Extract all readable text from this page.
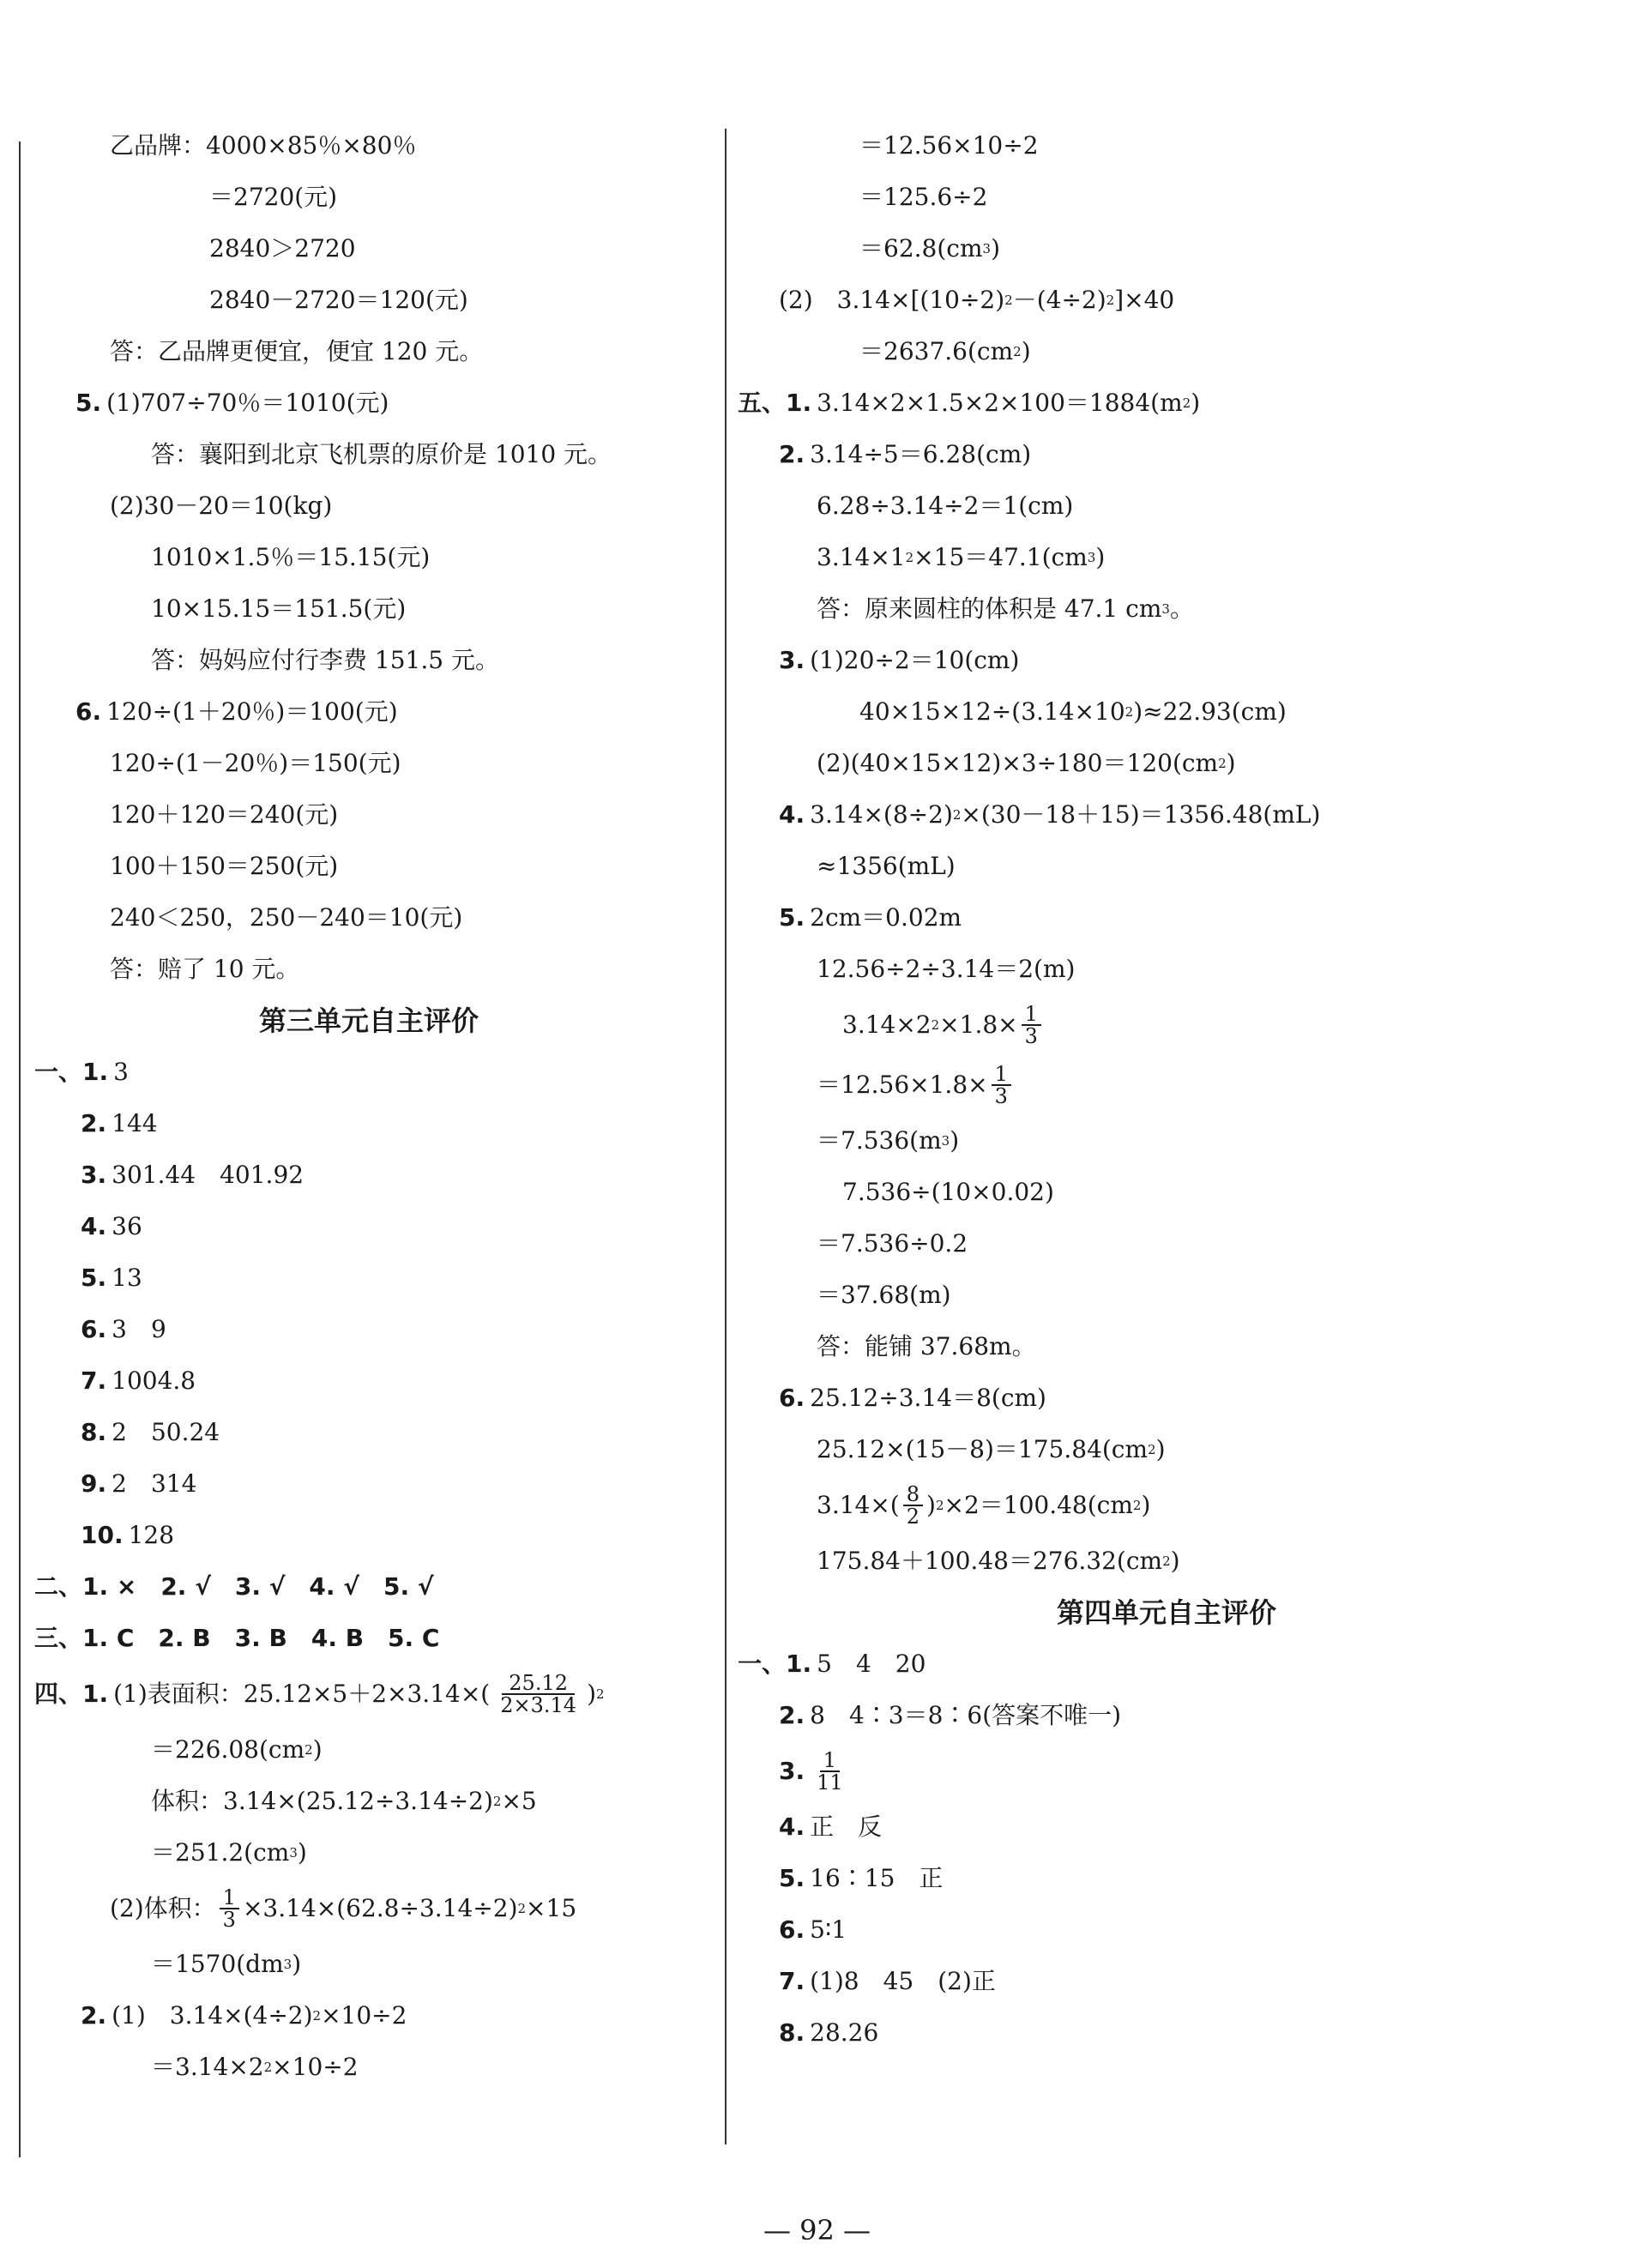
乙品牌：4000×85％×80％
＝2720(元)
2840＞2720
2840－2720＝120(元)
答：乙品牌更便宜，便宜 120 元。
5. (1)707÷70％＝1010(元)
答：襄阳到北京飞机票的原价是 1010 元。
(2)30－20＝10(kg)
1010×1.5％＝15.15(元)
10×15.15＝151.5(元)
答：妈妈应付行李费 151.5 元。
6. 120÷(1＋20％)＝100(元)
120÷(1－20％)＝150(元)
120＋120＝240(元)
100＋150＝250(元)
240＜250，250－240＝10(元)
答：赔了 10 元。
第三单元自主评价
一、1. 3
2. 144
3. 301.44　401.92
4. 36
5. 13
6. 3　9
7. 1004.8
8. 2　50.24
9. 2　314
10. 128
二、1. ×　2. √　3. √　4. √　5. √
三、1. C　2. B　3. B　4. B　5. C
四、1. (1)表面积：$25.12\times 5+2\times 3.14\times( \frac{25.12}{2\times 3.14}$ ) 2
＝226.08(cm 2 )
体积：3.14×(25.12÷3.14÷2) 2 ×5
＝251.2(cm 3 )
(2)体积： $\frac{1}{3} \times 3.14\times(62.8\div 3.14\div 2)$ 2 ×15
＝1570(dm 3 )
2. (1)　3.14×(4÷2) 2 ×10÷2
＝3.14×2 2 ×10÷2
＝12.56×10÷2
＝125.6÷2
＝62.8(cm 3 )
(2)　3.14×[(10÷2) 2 －(4÷2) 2 ]×40
＝2637.6(cm 2 )
五、1. 3.14×2×1.5×2×100＝1884(m 2 )
2. 3.14÷5＝6.28(cm)
6.28÷3.14÷2＝1(cm)
3.14×1 2 ×15＝47.1(cm 3 )
答：原来圆柱的体积是 47.1 cm 3 。
3. (1)20÷2＝10(cm)
40×15×12÷(3.14×10 2 )≈22.93(cm)
(2)(40×15×12)×3÷180＝120(cm 2 )
4. 3.14×(8÷2) 2 ×(30－18＋15)＝1356.48(mL)
≈1356(mL)
5. 2cm＝0.02m
12.56÷2÷3.14＝2(m)
3.14×2 $2 \times 1.8\times \frac{1}{3}$
$=12.56\times 1.8\times \frac{1}{3}$
＝7.536(m 3 )
7.536÷(10×0.02)
＝7.536÷0.2
＝37.68(m)
答：能铺 37.68m。
6. 25.12÷3.14＝8(cm)
25.12×(15－8)＝175.84(cm 2 )
$3.14\times( \frac{8}{2}$ ) 2 ×2＝100.48(cm 2 )
175.84＋100.48＝276.32(cm 2 )
第四单元自主评价
一、1. 5　4　20
2. 8　4∶3＝8∶6(答案不唯一)
3. $\frac{1}{11}$
4. 正　反
5. 16∶15　正
6. 5∶1
7. (1)8　45　(2)正
8. 28.26
— 92 —
